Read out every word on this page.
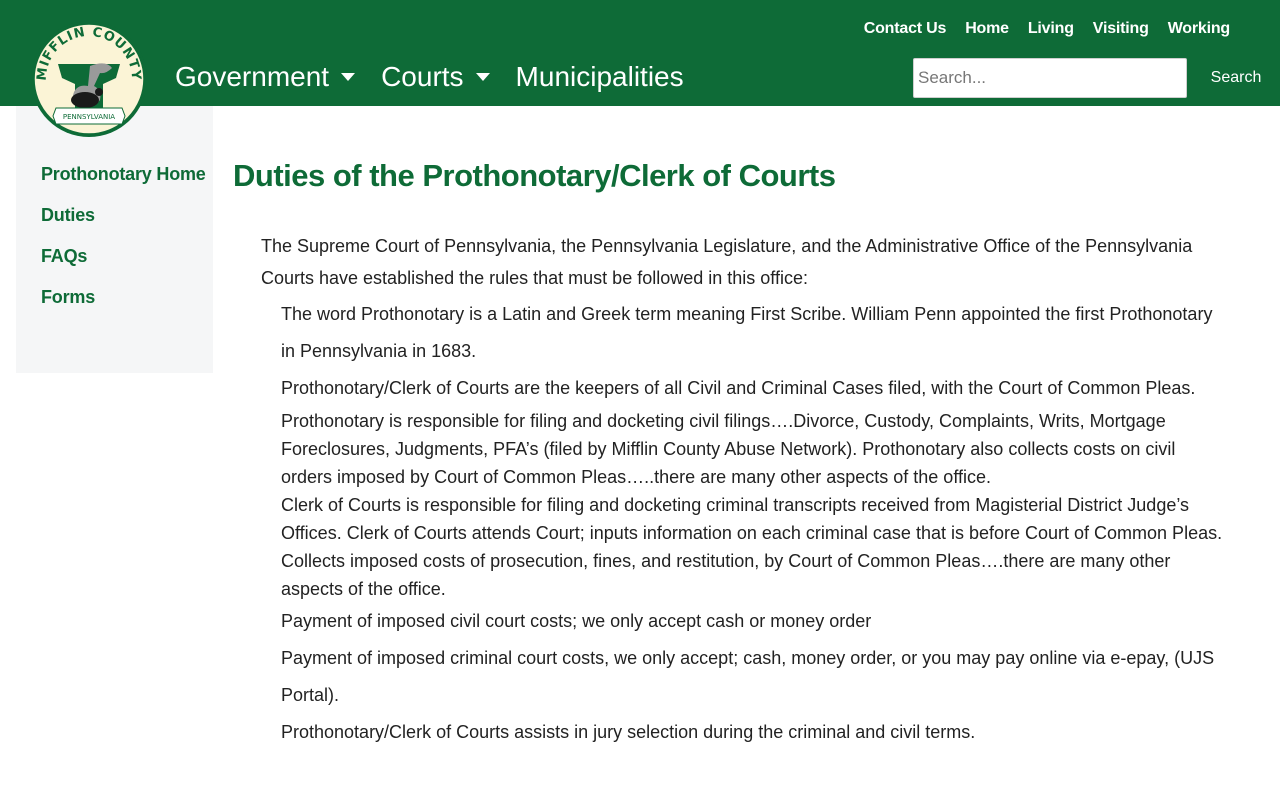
MIFFLIN COUNTY
PENNSYLVANIA
Government Courts Municipalities
Contact Us Home Living Visiting Working
Search...
Search
Prothonotary Home
Duties
FAQs
Forms
Duties of the Prothonotary/Clerk of Courts

The Supreme Court of Pennsylvania, the Pennsylvania Legislature, and the Administrative Office of the Pennsylvania Courts have established the rules that must be followed in this office:

The word Prothonotary is a Latin and Greek term meaning First Scribe. William Penn appointed the first Prothonotary in Pennsylvania in 1683.
Prothonotary/Clerk of Courts are the keepers of all Civil and Criminal Cases filed, with the Court of Common Pleas.
Prothonotary is responsible for filing and docketing civil filings….Divorce, Custody, Complaints, Writs, Mortgage Foreclosures, Judgments, PFA’s (filed by Mifflin County Abuse Network). Prothonotary also collects costs on civil orders imposed by Court of Common Pleas…..there are many other aspects of the office.
Clerk of Courts is responsible for filing and docketing criminal transcripts received from Magisterial District Judge’s Offices. Clerk of Courts attends Court; inputs information on each criminal case that is before Court of Common Pleas. Collects imposed costs of prosecution, fines, and restitution, by Court of Common Pleas….there are many other aspects of the office.
Payment of imposed civil court costs; we only accept cash or money order
Payment of imposed criminal court costs, we only accept; cash, money order, or you may pay online via e-epay, (UJS Portal).
Prothonotary/Clerk of Courts assists in jury selection during the criminal and civil terms.
